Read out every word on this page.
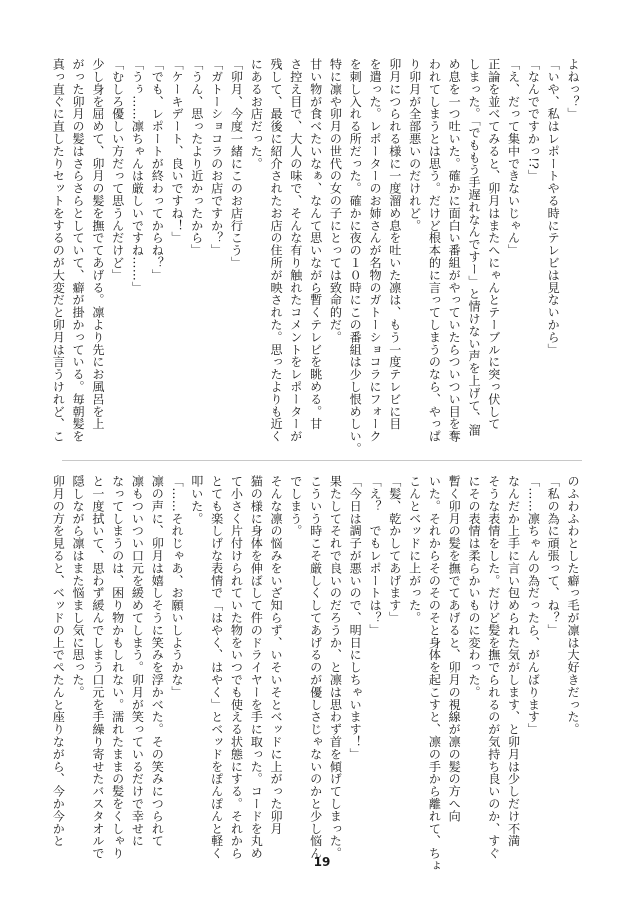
よねっ？」
「いや、私はレポートやる時にテレビは見ないから」
「なんでですかっ!?」
「え、だって集中できないじゃん」
正論を並べてみると、卯月はまたへにゃんとテーブルに突っ伏して
しまった。「でももう手遅れなんですー」と情けない声を上げて、溜
め息を一つ吐いた。確かに面白い番組がやっていたらついつい目を奪
われてしまうとは思う。だけど根本的に言ってしまうのなら、やっぱ
り卯月が全部悪いのだけれど。
卯月につられる様に一度溜め息を吐いた凛は、もう一度テレビに目
を遣った。レポーターのお姉さんが名物のガトーショコラにフォーク
を刺し入れる所だった。確かに夜の１０時にこの番組は少し恨めしい。
特に凛や卯月の世代の女の子にとっては致命的だ。
甘い物が食べたいなぁ、なんて思いながら暫くテレビを眺める。甘
さ控え目で、大人の味で、そんな有り触れたコメントをレポーターが
残して、最後に紹介されたお店の住所が映された。思ったよりも近く
にあるお店だった。
「卯月、今度一緒にこのお店行こう」
「ガトーショコラのお店ですか？」
「うん、思ったより近かったから」
「ケーキデート、良いですね！」
「でも、レポートが終わってからね？」
「うぅ……凛ちゃんは厳しいですね……」
「むしろ優しい方だって思うんだけど」
少し身を屈めて、卯月の髪を撫でてあげる。凛より先にお風呂を上
がった卯月の髪はさらさらとしていて、癖が掛かっている。毎朝髪を
真っ直ぐに直したりセットをするのが大変だと卯月は言うけれど、こ
のふわふわとした癖っ毛が凛は大好きだった。
「私の為に頑張って、ね？」
「……凛ちゃんの為だったら、がんばります」
なんだか上手に言い包められた気がします、と卯月は少しだけ不満
そうな表情をした。だけど髪を撫でられるのが気持ち良いのか、すぐ
にその表情は柔らかいものに変わった。
暫く卯月の髪を撫でてあげると、卯月の視線が凛の髪の方へ向
いた。それからそのそのそと身体を起こすと、凛の手から離れて、ちょ
こんとベッドに上がった。
「髪、乾かしてあげます」
「え？　でもレポートは？」
「今日は調子が悪いので、明日にしちゃいます！」
果たしてそれで良いのだろうか、と凛は思わず首を傾げてしまった。
こういう時こそ厳しくしてあげるのが優しさじゃないのかと少し悩ん
でしまう。
そんな凛の悩みをいざ知らず、いそいそとベッドに上がった卯月
猫の様に身体を伸ばして件のドライヤーを手に取った。コードを丸め
て小さく片付けられていた物をいつでも使える状態にする。それから
とても楽しげな表情で「はやく、はやく」とベッドをぽんぽんと軽く
叩いた。
「……それじゃあ、お願いしようかな」
凛の声に、卯月は嬉しそうに笑みを浮かべた。その笑みにつられて
凛もついつい口元を緩めてしまう。卯月が笑っているだけで幸せに
なってしまうのは、困り物かもしれない。濡れたままの髪をくしゃり
と一度拭いて、思わず緩んでしまう口元を手繰り寄せたバスタオルで
隠しながら凛はまた悩まし気に思った。
卯月の方を見ると、ベッドの上でぺたんと座りながら、今か今かと
19
